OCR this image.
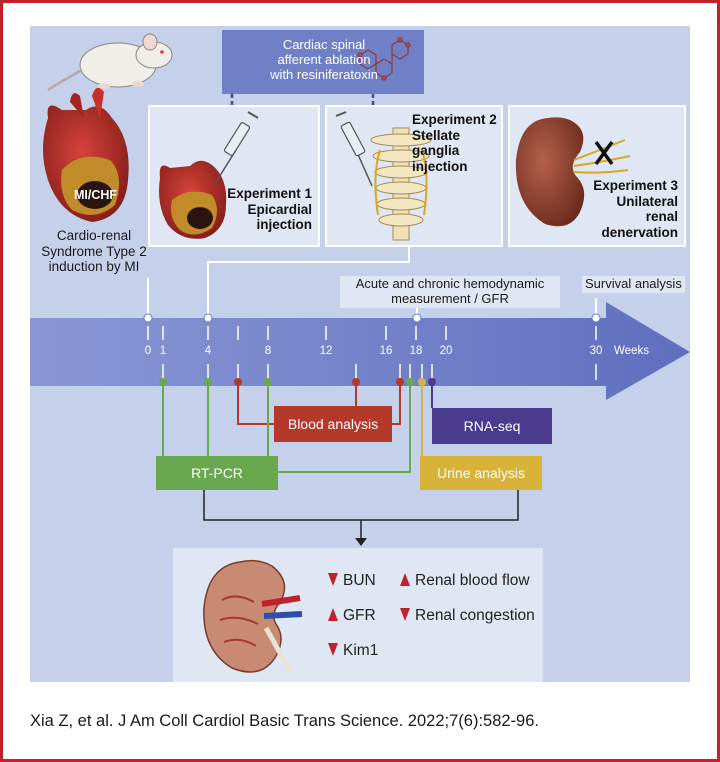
Cardiac spinal
afferent ablation
with resiniferatoxin

MI/CHF

Cardio-renal
Syndrome Type 2
induction by MI

Experiment 1
Epicardial
injection

Experiment 2
Stellate
ganglia
injection

Experiment 3
Unilateral
renal
denervation

Acute and chronic hemodynamic
measurement / GFR

Survival analysis

0 1	4	8	12	16	18	20	30	Weeks
Blood analysis	RNA-seq
RT-PCR	Urine analysis
BUN
GFR
Kim1
Renal blood flow
Renal congestion
Xia Z, et al. J Am Coll Cardiol Basic Trans Science. 2022;7(6):582-96.
